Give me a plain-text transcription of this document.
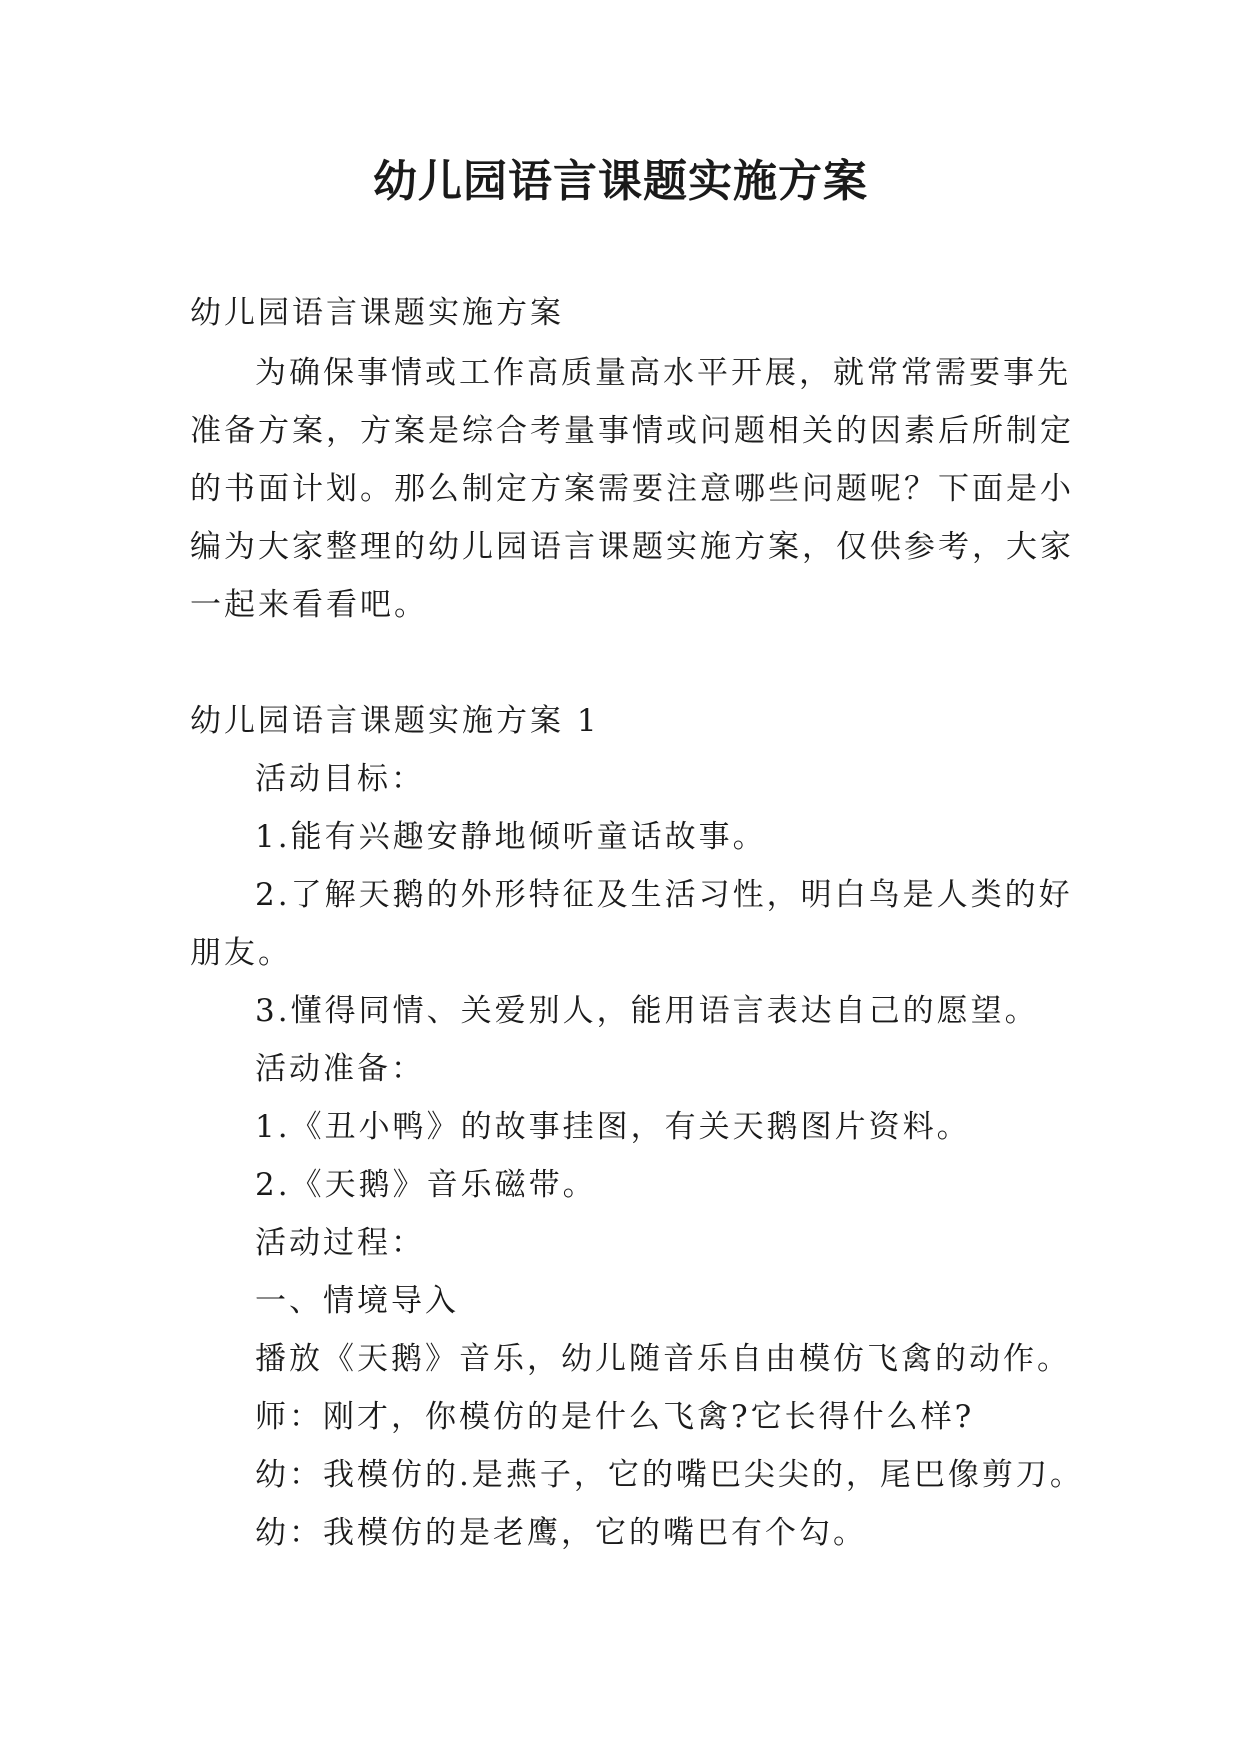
幼儿园语言课题实施方案
幼儿园语言课题实施方案
为确保事情或工作高质量高水平开展，就常常需要事先
准备方案，方案是综合考量事情或问题相关的因素后所制定
的书面计划。那么制定方案需要注意哪些问题呢？下面是小
编为大家整理的幼儿园语言课题实施方案，仅供参考，大家
一起来看看吧。
幼儿园语言课题实施方案 1
活动目标：
1.能有兴趣安静地倾听童话故事。
2.了解天鹅的外形特征及生活习性，明白鸟是人类的好
朋友。
3.懂得同情、关爱别人，能用语言表达自己的愿望。
活动准备：
1.《丑小鸭》的故事挂图，有关天鹅图片资料。
2.《天鹅》音乐磁带。
活动过程：
一、情境导入
播放《天鹅》音乐，幼儿随音乐自由模仿飞禽的动作。
师：刚才，你模仿的是什么飞禽?它长得什么样?
幼：我模仿的.是燕子，它的嘴巴尖尖的，尾巴像剪刀。
幼：我模仿的是老鹰，它的嘴巴有个勾。
